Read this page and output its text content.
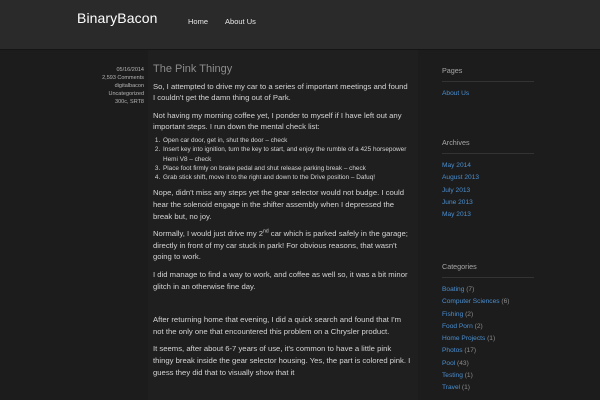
BinaryBacon	Home About Us
05/16/2014
2,593 Comments
digitalbacon
Uncategorized
300c, SRT8
The Pink Thingy

So, I attempted to drive my car to a series of important meetings and found I couldn't get the damn thing out of Park.

Not having my morning coffee yet, I ponder to myself if I have left out any important steps. I run down the mental check list:

1. Open car door, get in, shut the door – check
2. Insert key into ignition, turn the key to start, and enjoy the rumble of a 425 horsepower Hemi V8 – check
3. Place foot firmly on brake pedal and shut release parking break – check
4. Grab stick shift, move it to the right and down to the Drive position – Dafuq!

Nope, didn't miss any steps yet the gear selector would not budge. I could hear the solenoid engage in the shifter assembly when I depressed the break but, no joy.

Normally, I would just drive my 2nd car which is parked safely in the garage; directly in front of my car stuck in park! For obvious reasons, that wasn't going to work.

I did manage to find a way to work, and coffee as well so, it was a bit minor glitch in an otherwise fine day.

After returning home that evening, I did a quick search and found that I'm not the only one that encountered this problem on a Chrysler product.

It seems, after about 6-7 years of use, it's common to have a little pink thingy break inside the gear selector housing. Yes, the part is colored pink. I guess they did that to visually show that it

Pages
About Us
Archives
May 2014
August 2013
July 2013
June 2013
May 2013
Categories
Boating (7)
Computer Sciences (6)
Fishing (2)
Food Porn (2)
Home Projects (1)
Photos (17)
Pool (43)
Testing (1)
Travel (1)
